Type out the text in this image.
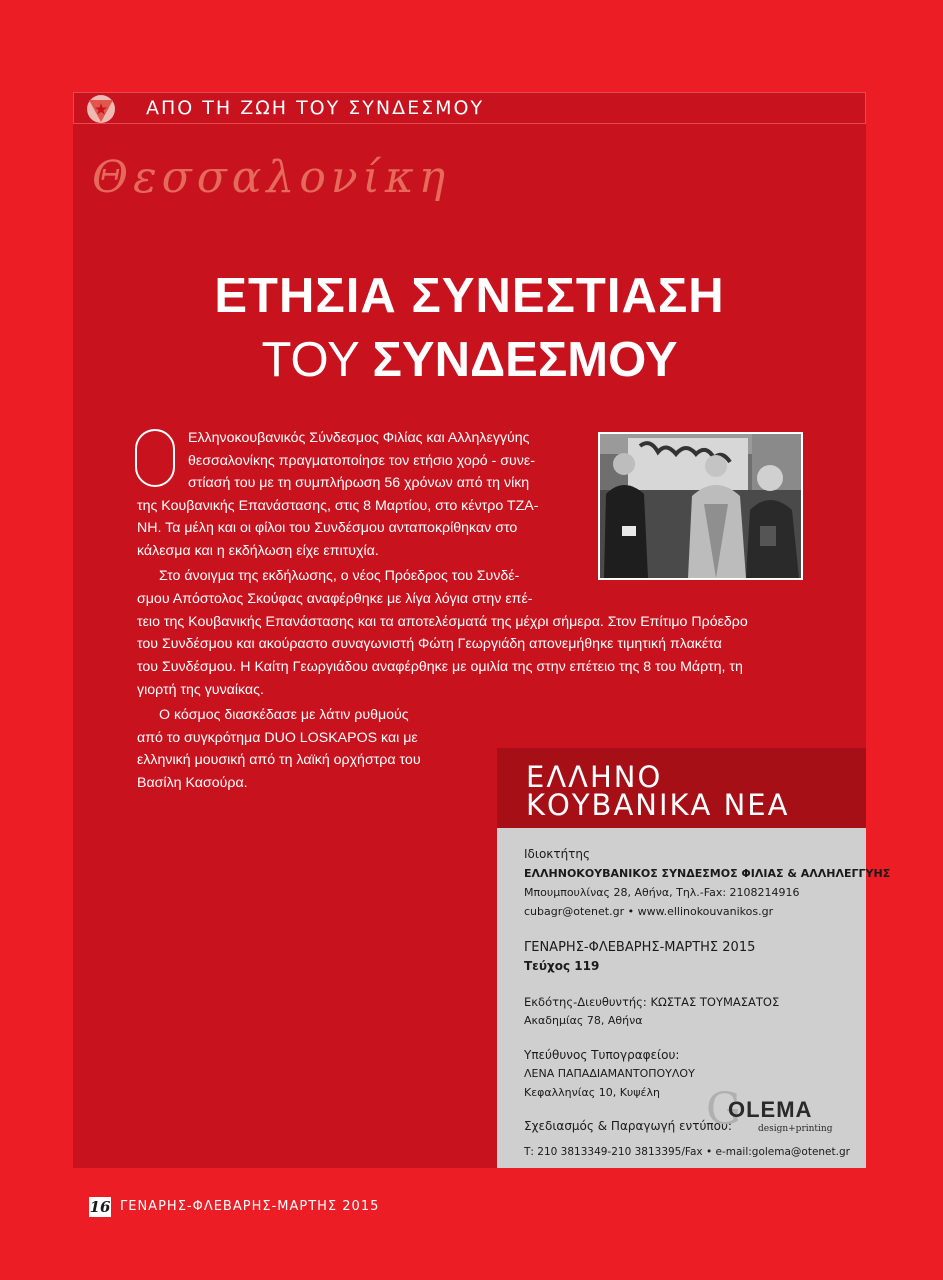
ΑΠΟ ΤΗ ΖΩΗ ΤΟΥ ΣΥΝΔΕΣΜΟΥ
Θεσσαλονίκη
ΕΤΗΣΙΑ ΣΥΝΕΣΤΙΑΣΗ
ΤΟΥ ΣΥΝΔΕΣΜΟΥ
Ελληνοκουβανικός Σύνδεσμος Φιλίας και Αλληλεγγύης
θεσσαλονίκης πραγματοποίησε τον ετήσιο χορό - συνε-
στίασή του με τη συμπλήρωση 56 χρόνων από τη νίκη
της Κουβανικής Επανάστασης, στις 8 Μαρτίου, στο κέντρο ΤΖΑ-
ΝΗ. Τα μέλη και οι φίλοι του Συνδέσμου ανταποκρίθηκαν στο
κάλεσμα και η εκδήλωση είχε επιτυχία.
Στο άνοιγμα της εκδήλωσης, ο νέος Πρόεδρος του Συνδέ-
σμου Απόστολος Σκούφας αναφέρθηκε με λίγα λόγια στην επέ-
τειο της Κουβανικής Επανάστασης και τα αποτελέσματά της μέχρι σήμερα. Στον Επίτιμο Πρόεδρο
του Συνδέσμου και ακούραστο συναγωνιστή Φώτη Γεωργιάδη απονεμήθηκε τιμητική πλακέτα
του Συνδέσμου. Η Καίτη Γεωργιάδου αναφέρθηκε με ομιλία της στην επέτειο της 8 του Μάρτη, τη
γιορτή της γυναίκας.
Ο κόσμος διασκέδασε με λάτιν ρυθμούς
από το συγκρότημα DUO LOSKAPOS και με
ελληνική μουσική από τη λαϊκή ορχήστρα του
Βασίλη Κασούρα.	ΕΛΛΗΝΟ
ΚΟΥΒΑΝΙΚΑ ΝΕΑ
Ιδιοκτήτης
ΕΛΛΗΝΟΚΟΥΒΑΝΙΚΟΣ ΣΥΝΔΕΣΜΟΣ ΦΙΛΙΑΣ & ΑΛΛΗΛΕΓΓΥΗΣ
Μπουμπουλίνας 28, Αθήνα, Τηλ.-Fax: 2108214916
cubagr@otenet.gr • www.ellinokouvanikos.gr
ΓΕΝΑΡΗΣ-ΦΛΕΒΑΡΗΣ-ΜΑΡΤΗΣ 2015
Τεύχος 119
Εκδότης-Διευθυντής: ΚΩΣΤΑΣ ΤΟΥΜΑΣΑΤΟΣ
Ακαδημίας 78, Αθήνα
Υπεύθυνος Τυπογραφείου:
ΛΕΝΑ ΠΑΠΑΔΙΑΜΑΝΤΟΠΟΥΛΟΥ
Κεφαλληνίας 10, Κυψέλη
Σχεδιασμός & Παραγωγή εντύπου:
Τ: 210 3813349-210 3813395/Fax • e-mail:golema@otenet.gr
G
OLEMA
design+printing
16 ΓΕΝΑΡΗΣ-ΦΛΕΒΑΡΗΣ-ΜΑΡΤΗΣ 2015
